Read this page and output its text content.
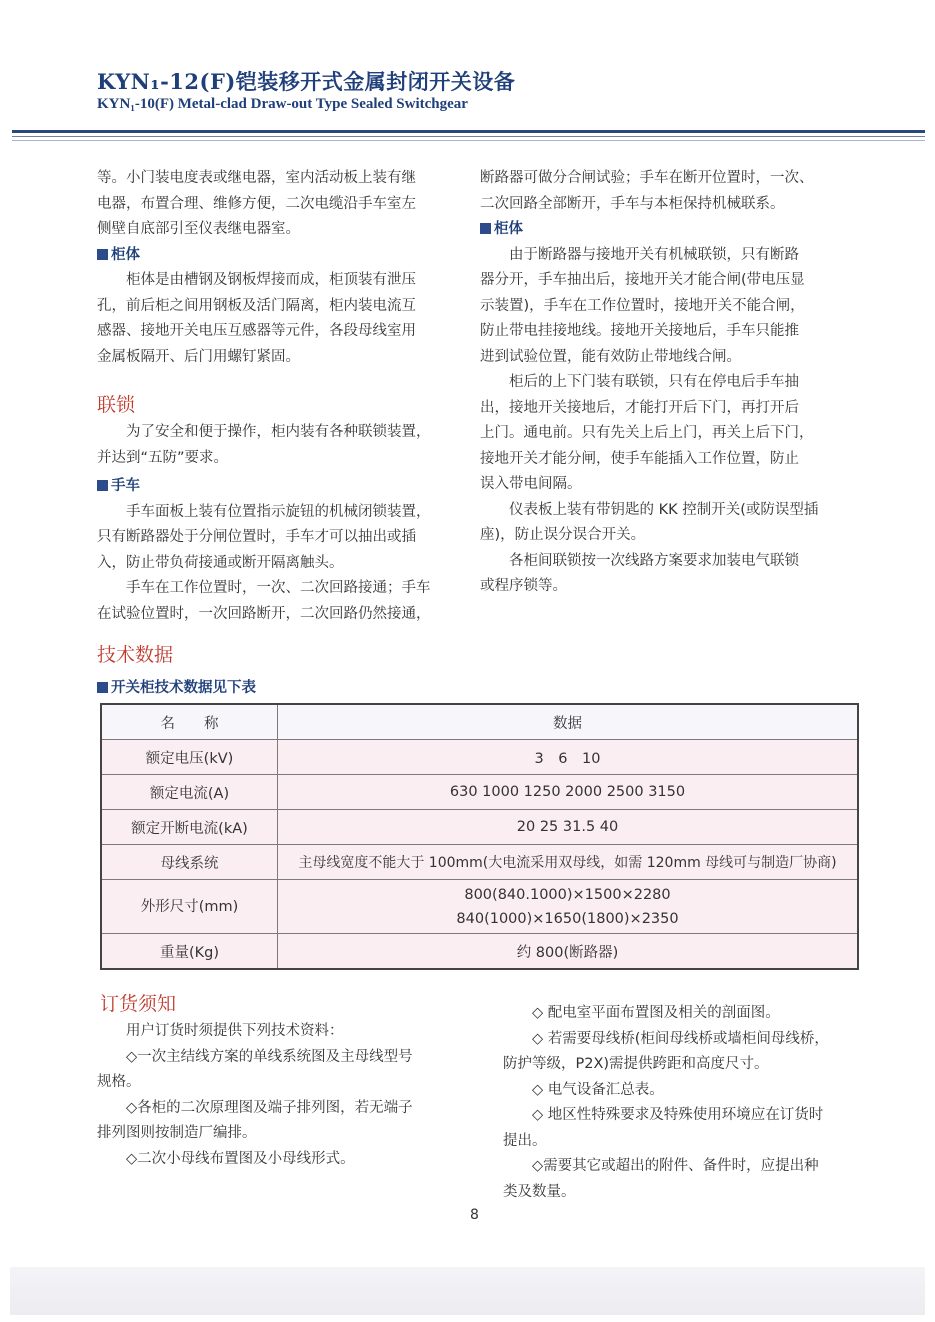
KYN₁-12(F)铠装移开式金属封闭开关设备
KYN₁-10(F) Metal-clad Draw-out Type Sealed Switchgear

等。小门装电度表或继电器，室内活动板上装有继

电器，布置合理、维修方便，二次电缆沿手车室左

侧壁自底部引至仪表继电器室。

柜体

柜体是由槽钢及钢板焊接而成，柜顶装有泄压

孔，前后柜之间用钢板及活门隔离，柜内装电流互

感器、接地开关电压互感器等元件，各段母线室用

金属板隔开、后门用螺钉紧固。

联锁

为了安全和便于操作，柜内装有各种联锁装置，

并达到“五防”要求。

手车

手车面板上装有位置指示旋钮的机械闭锁装置，

只有断路器处于分闸位置时，手车才可以抽出或插

入，防止带负荷接通或断开隔离触头。

手车在工作位置时，一次、二次回路接通；手车

在试验位置时，一次回路断开，二次回路仍然接通，

断路器可做分合闸试验；手车在断开位置时，一次、

二次回路全部断开，手车与本柜保持机械联系。

柜体

由于断路器与接地开关有机械联锁，只有断路

器分开，手车抽出后，接地开关才能合闸(带电压显

示装置)，手车在工作位置时，接地开关不能合闸，

防止带电挂接地线。接地开关接地后，手车只能推

进到试验位置，能有效防止带地线合闸。

柜后的上下门装有联锁，只有在停电后手车抽

出，接地开关接地后，才能打开后下门，再打开后

上门。通电前。只有先关上后上门，再关上后下门，

接地开关才能分闸，使手车能插入工作位置，防止

误入带电间隔。

仪表板上装有带钥匙的 KK 控制开关(或防误型插

座)，防止误分误合开关。

各柜间联锁按一次线路方案要求加装电气联锁

或程序锁等。

技术数据
开关柜技术数据见下表
名　　称	数据
额定电压(kV)	3　6　10
额定电流(A)	630 1000 1250 2000 2500 3150
额定开断电流(kA)	20 25 31.5 40
母线系统	主母线宽度不能大于 100mm(大电流采用双母线，如需 120mm 母线可与制造厂协商)
外形尺寸(mm)	800(840.1000)×1500×2280
840(1000)×1650(1800)×2350

重量(Kg)	约 800(断路器)
订货须知

用户订货时须提供下列技术资料：

◇一次主结线方案的单线系统图及主母线型号

规格。

◇各柜的二次原理图及端子排列图，若无端子

排列图则按制造厂编排。

◇二次小母线布置图及小母线形式。

◇ 配电室平面布置图及相关的剖面图。

◇ 若需要母线桥(柜间母线桥或墙柜间母线桥，

防护等级，P2X)需提供跨距和高度尺寸。

◇ 电气设备汇总表。

◇ 地区性特殊要求及特殊使用环境应在订货时

提出。

◇需要其它或超出的附件、备件时，应提出种

类及数量。

8
